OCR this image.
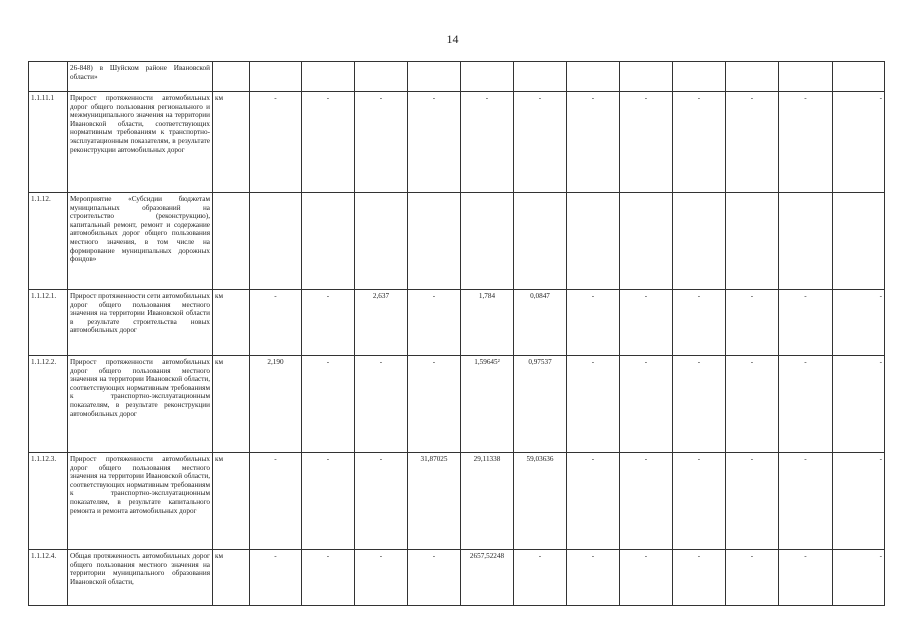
14
	26-848) в Шуйском районе Ивановской области»													
1.1.11.1	Прирост протяженности автомобильных дорог общего пользования регионального и межмуниципального значения на территории Ивановской области, соответствующих нормативным требованиям к транспортно-эксплуатационным показателям, в результате реконструкции автомобильных дорог	км	-	-	-	-	-	-	-	-	-	-	-	-
1.1.12.	Мероприятие «Субсидии бюджетам муниципальных образований на строительство (реконструкцию), капитальный ремонт, ремонт и содержание автомобильных дорог общего пользования местного значения, в том числе на формирование муниципальных дорожных фондов»													
1.1.12.1.	Прирост протяженности сети автомобильных дорог общего пользования местного значения на территории Ивановской области в результате строительства новых автомобильных дорог	км	-	-	2,637	-	1,784	0,0847	-	-	-	-	-	-
1.1.12.2.	Прирост протяженности автомобильных дорог общего пользования местного значения на территории Ивановской области, соответствующих нормативным требованиям к транспортно-эксплуатационным показателям, в результате реконструкции автомобильных дорог	км	2,190	-	-	-	1,59645²	0,97537	-	-	-	-	-	-
1.1.12.3.	Прирост протяженности автомобильных дорог общего пользования местного значения на территории Ивановской области, соответствующих нормативным требованиям к транспортно-эксплуатационным показателям, в результате капитального ремонта и ремонта автомобильных дорог	км	-	-	-	31,87025	29,11338	59,03636	-	-	-	-	-	-
1.1.12.4.	Общая протяженность автомобильных дорог общего пользования местного значения на территории муниципального образования Ивановской области,	км	-	-	-	-	2657,52248	-	-	-	-	-	-	-
